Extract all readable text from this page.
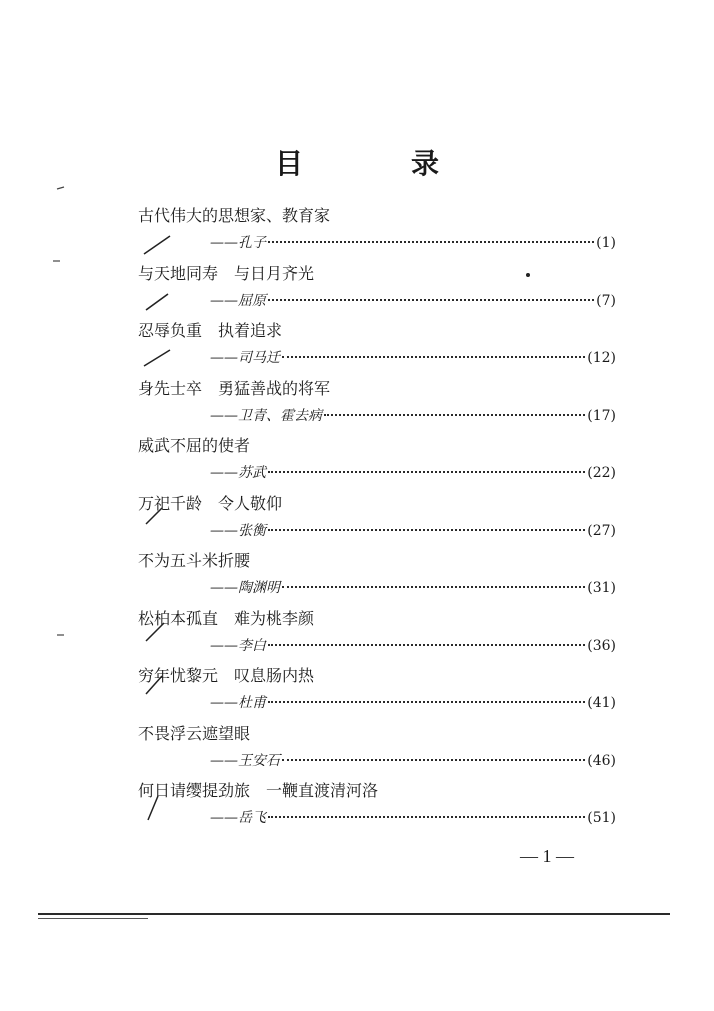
目　录
古代伟大的思想家、教育家
——孔子	(1)
与天地同寿　与日月齐光
——屈原	(7)
忍辱负重　执着追求
——司马迁	(12)
身先士卒　勇猛善战的将军
——卫青、霍去病	(17)
威武不屈的使者
——苏武	(22)
万祀千龄　令人敬仰
——张衡	(27)
不为五斗米折腰
——陶渊明	(31)
松柏本孤直　难为桃李颜
——李白	(36)
穷年忧黎元　叹息肠内热
——杜甫	(41)
不畏浮云遮望眼
——王安石	(46)
何日请缨提劲旅　一鞭直渡清河洛
——岳飞	(51)
— 1 —
